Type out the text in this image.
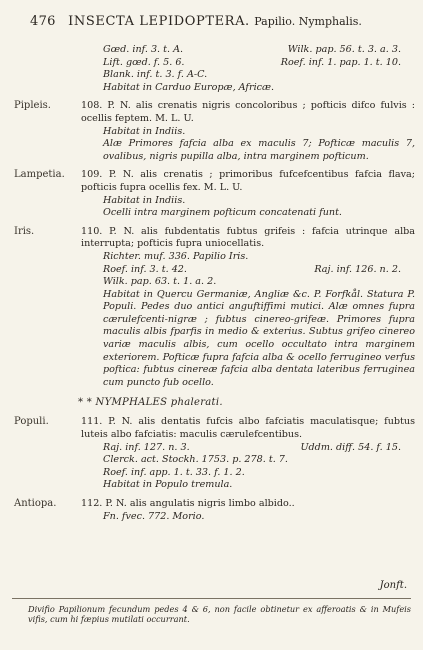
476 INSECTA LEPIDOPTERA. Papilio. Nymphalis.
Gœd. inf. 3. t. A.	Wilk. pap. 56. t. 3. a. 3.
Lift. gœd. f. 5. 6.	Roef. inf. 1. pap. 1. t. 10.
Blank. inf. t. 3. f. A-C.
Habitat in Carduo Europæ, Africæ.
Pipleis.	108. P. N. alis crenatis nigris concoloribus ; pofticis difco fulvis : ocellis feptem. M. L. U.
Habitat in Indiis.
Alæ Primores fafcia alba ex maculis 7; Pofticæ maculis 7, ovalibus, nigris pupilla alba, intra marginem pofticum.
Lampetia.	109. P. N. alis crenatis ; primoribus fufcefcentibus fafcia flava; pofticis fupra ocellis fex. M. L. U.
Habitat in Indiis.
Ocelli intra marginem pofticum concatenati funt.
Iris.	110. P. N. alis fubdentatis fubtus grifeis : fafcia utrinque alba interrupta; pofticis fupra uniocellatis.
Richter. muf. 336. Papilio Iris.
Roef. inf. 3. t. 42.	Raj. inf. 126. n. 2.
Wilk. pap. 63. t. 1. a. 2.
Habitat in Quercu Germaniæ, Angliæ &c. P. Forfkål. Statura P. Populi. Pedes duo antici anguftiffimi mutici. Alæ omnes fupra cærulefcenti-nigræ ; fubtus cinereo-grifeæ. Primores fupra maculis albis fparfis in medio & exterius. Subtus grifeo cinereo variæ maculis albis, cum ocello occultato intra marginem exteriorem. Pofticæ fupra fafcia alba & ocello ferrugineo verfus poftica: fubtus cinereæ fafcia alba dentata lateribus ferruginea cum puncto fub ocello.
* * NYMPHALES phalerati.
Populi.	111. P. N. alis dentatis fufcis albo fafciatis maculatisque; fubtus luteis albo fafciatis: maculis cærulefcentibus.
Raj. inf. 127. n. 3.	Uddm. diff. 54. f. 15.
Clerck. act. Stockh. 1753. p. 278. t. 7.
Roef. inf. app. 1. t. 33. f. 1. 2.
Habitat in Populo tremula.
Antiopa.	112. P. N. alis angulatis nigris limbo albido..
Fn. fvec. 772. Morio.
Jonft.
Divifio Papilionum fecundum pedes 4 & 6, non facile obtinetur ex afferoatis & in Mufeis vifis, cum hi fæpius mutilati occurrant.
